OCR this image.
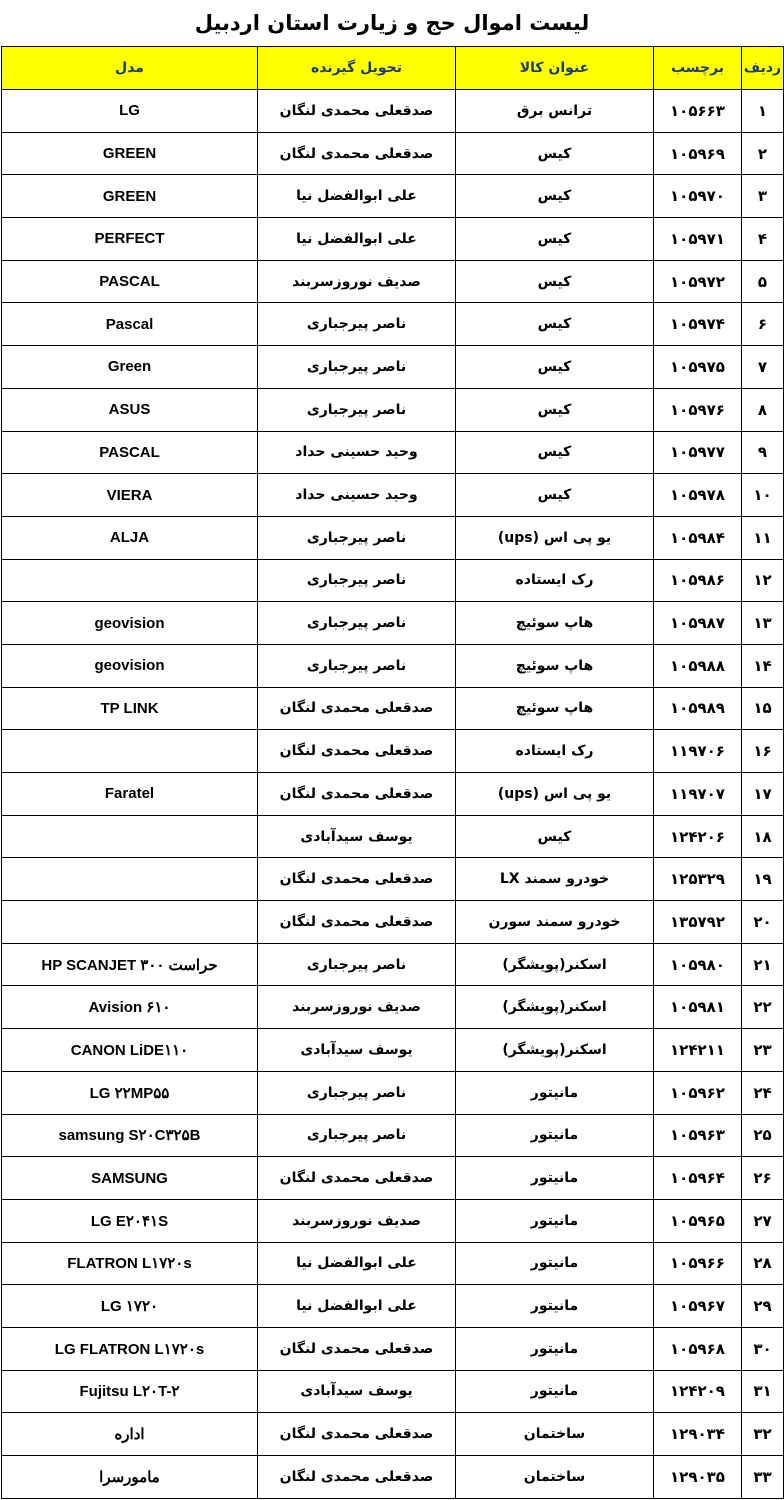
لیست اموال حج و زیارت استان اردبیل
ردیف	برچسب	عنوان کالا	تحویل گیرنده	مدل
۱	۱۰۵۶۶۳	ترانس برق	صدقعلی محمدی لنگان	LG
۲	۱۰۵۹۶۹	کیس	صدقعلی محمدی لنگان	GREEN
۳	۱۰۵۹۷۰	کیس	علی ابوالفضل نیا	GREEN
۴	۱۰۵۹۷۱	کیس	علی ابوالفضل نیا	PERFECT
۵	۱۰۵۹۷۲	کیس	صدیف نوروزسربند	PASCAL
۶	۱۰۵۹۷۴	کیس	ناصر پیرجباری	Pascal
۷	۱۰۵۹۷۵	کیس	ناصر پیرجباری	Green
۸	۱۰۵۹۷۶	کیس	ناصر پیرجباری	ASUS
۹	۱۰۵۹۷۷	کیس	وحید حسینی حداد	PASCAL
۱۰	۱۰۵۹۷۸	کیس	وحید حسینی حداد	VIERA
۱۱	۱۰۵۹۸۴	یو پی اس (ups)	ناصر پیرجباری	ALJA
۱۲	۱۰۵۹۸۶	رک ایستاده	ناصر پیرجباری	
۱۳	۱۰۵۹۸۷	هاپ سوئیچ	ناصر پیرجباری	geovision
۱۴	۱۰۵۹۸۸	هاپ سوئیچ	ناصر پیرجباری	geovision
۱۵	۱۰۵۹۸۹	هاپ سوئیچ	صدقعلی محمدی لنگان	TP LINK
۱۶	۱۱۹۷۰۶	رک ایستاده	صدقعلی محمدی لنگان	
۱۷	۱۱۹۷۰۷	یو پی اس (ups)	صدقعلی محمدی لنگان	Faratel
۱۸	۱۲۴۲۰۶	کیس	یوسف سیدآبادی	
۱۹	۱۲۵۳۲۹	خودرو سمند LX	صدقعلی محمدی لنگان	
۲۰	۱۳۵۷۹۲	خودرو سمند سورن	صدقعلی محمدی لنگان	
۲۱	۱۰۵۹۸۰	اسکنر(پویشگر)	ناصر پیرجباری	HP SCANJET ۳۰۰ حراست
۲۲	۱۰۵۹۸۱	اسکنر(پویشگر)	صدیف نوروزسربند	Avision ۶۱۰
۲۳	۱۲۴۲۱۱	اسکنر(پویشگر)	یوسف سیدآبادی	CANON LiDE۱۱۰
۲۴	۱۰۵۹۶۲	مانیتور	ناصر پیرجباری	LG ۲۲MP۵۵
۲۵	۱۰۵۹۶۳	مانیتور	ناصر پیرجباری	samsung S۲۰C۳۲۵B
۲۶	۱۰۵۹۶۴	مانیتور	صدقعلی محمدی لنگان	SAMSUNG
۲۷	۱۰۵۹۶۵	مانیتور	صدیف نوروزسربند	LG E۲۰۴۱S
۲۸	۱۰۵۹۶۶	مانیتور	علی ابوالفضل نیا	FLATRON L۱۷۲۰s
۲۹	۱۰۵۹۶۷	مانیتور	علی ابوالفضل نیا	LG ۱۷۲۰
۳۰	۱۰۵۹۶۸	مانیتور	صدقعلی محمدی لنگان	LG FLATRON L۱۷۲۰s
۳۱	۱۲۴۲۰۹	مانیتور	یوسف سیدآبادی	Fujitsu L۲۰T-۲
۳۲	۱۲۹۰۳۴	ساختمان	صدقعلی محمدی لنگان	اداره
۳۳	۱۲۹۰۳۵	ساختمان	صدقعلی محمدی لنگان	مامورسرا
